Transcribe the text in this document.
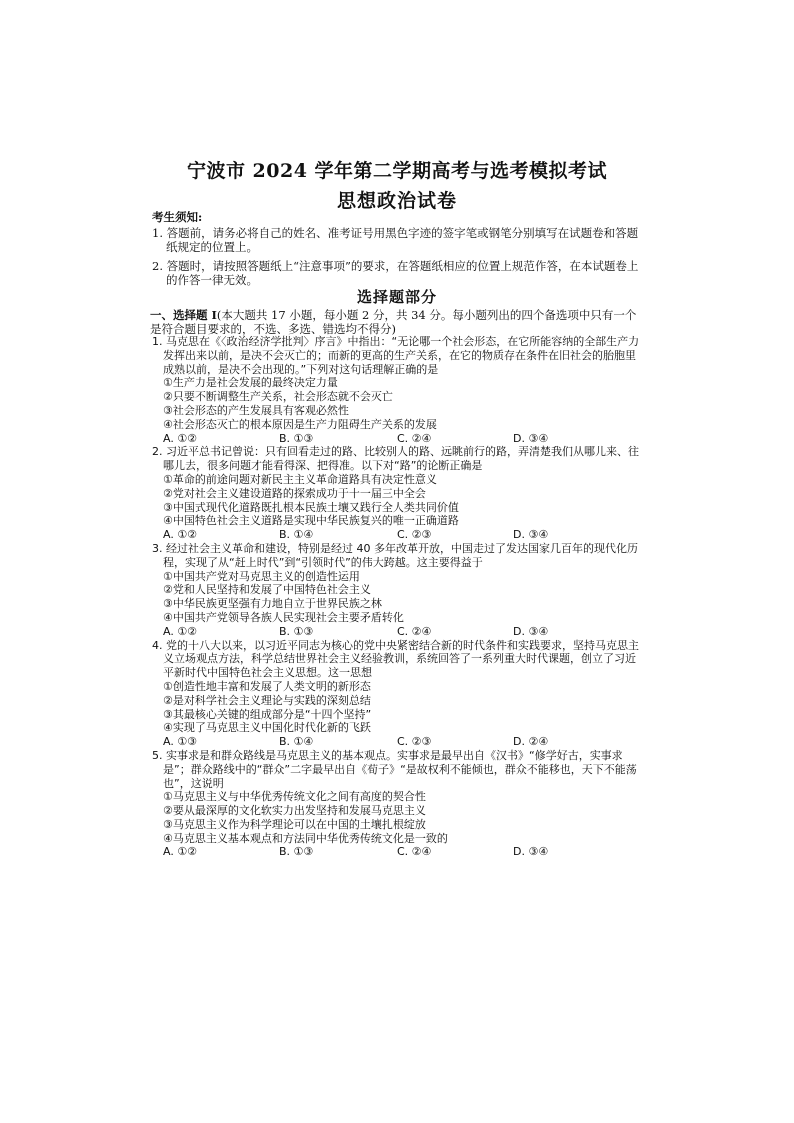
宁波市 2024 学年第二学期高考与选考模拟考试
思想政治试卷
考生须知:
1. 答题前，请务必将自己的姓名、准考证号用黑色字迹的签字笔或钢笔分别填写在试题卷和答题纸规定的位置上。
2. 答题时，请按照答题纸上“注意事项”的要求，在答题纸相应的位置上规范作答，在本试题卷上的作答一律无效。
选择题部分
一、选择题 I(本大题共 17 小题，每小题 2 分，共 34 分。每小题列出的四个备选项中只有一个是符合题目要求的，不选、多选、错选均不得分)
1. 马克思在《〈政治经济学批判〉序言》中指出：“无论哪一个社会形态，在它所能容纳的全部生产力发挥出来以前，是决不会灭亡的；而新的更高的生产关系，在它的物质存在条件在旧社会的胎胞里成熟以前，是决不会出现的。”下列对这句话理解正确的是
①生产力是社会发展的最终决定力量
②只要不断调整生产关系，社会形态就不会灭亡
③社会形态的产生发展具有客观必然性
④社会形态灭亡的根本原因是生产力阻碍生产关系的发展
A. ①②	B. ①③	C. ②④	D. ③④
2. 习近平总书记曾说：只有回看走过的路、比较别人的路、远眺前行的路，弄清楚我们从哪儿来、往哪儿去，很多问题才能看得深、把得准。以下对“路”的论断正确是
①革命的前途问题对新民主主义革命道路具有决定性意义
②党对社会主义建设道路的探索成功于十一届三中全会
③中国式现代化道路既扎根本民族土壤又践行全人类共同价值
④中国特色社会主义道路是实现中华民族复兴的唯一正确道路
A. ①②	B. ①④	C. ②③	D. ③④
3. 经过社会主义革命和建设，特别是经过 40 多年改革开放，中国走过了发达国家几百年的现代化历程，实现了从“赶上时代”到“引领时代”的伟大跨越。这主要得益于
①中国共产党对马克思主义的创造性运用
②党和人民坚持和发展了中国特色社会主义
③中华民族更坚强有力地自立于世界民族之林
④中国共产党领导各族人民实现社会主要矛盾转化
A. ①②	B. ①③	C. ②④	D. ③④
4. 党的十八大以来，以习近平同志为核心的党中央紧密结合新的时代条件和实践要求，坚持马克思主义立场观点方法，科学总结世界社会主义经验教训，系统回答了一系列重大时代课题，创立了习近平新时代中国特色社会主义思想。这一思想
①创造性地丰富和发展了人类文明的新形态
②是对科学社会主义理论与实践的深刻总结
③其最核心关键的组成部分是“十四个坚持”
④实现了马克思主义中国化时代化新的飞跃
A. ①③	B. ①④	C. ②③	D. ②④
5. 实事求是和群众路线是马克思主义的基本观点。实事求是最早出自《汉书》“修学好古，实事求是”；群众路线中的“群众”二字最早出自《荀子》“是故权利不能倾也，群众不能移也，天下不能荡也”，这说明
①马克思主义与中华优秀传统文化之间有高度的契合性
②要从最深厚的文化软实力出发坚持和发展马克思主义
③马克思主义作为科学理论可以在中国的土壤扎根绽放
④马克思主义基本观点和方法同中华优秀传统文化是一致的
A. ①②	B. ①③	C. ②④	D. ③④
